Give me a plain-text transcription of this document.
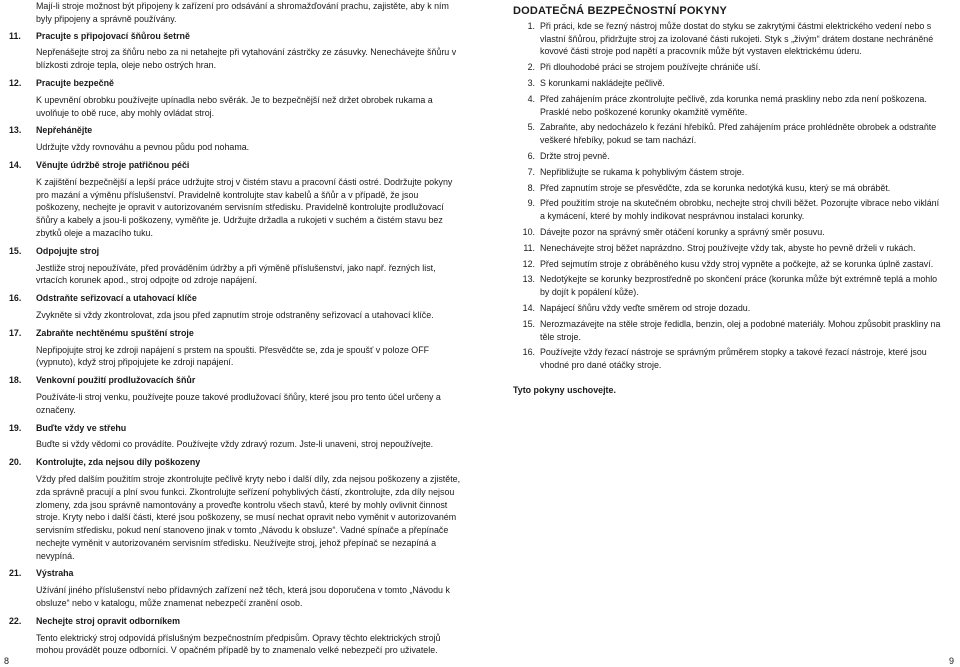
Mají-li stroje možnost být připojeny k zařízení pro odsávání a shromažďování prachu, zajistěte, aby k ním byly připojeny a správně používány.

11.	Pracujte s připojovací šňůrou šetrně

Nepřenášejte stroj za šňůru nebo za ni netahejte při vytahování zástrčky ze zásuvky. Nenechávejte šňůru v blízkosti zdroje tepla, oleje nebo ostrých hran.

12.	Pracujte bezpečně

K upevnění obrobku používejte upínadla nebo svěrák. Je to bezpečnější než držet obrobek rukama a uvolňuje to obě ruce, aby mohly ovládat stroj.

13.	Nepřehánějte

Udržujte vždy rovnováhu a pevnou půdu pod nohama.

14.	Věnujte údržbě stroje patřičnou péči

K zajištění bezpečnější a lepší práce udržujte stroj v čistém stavu a pracovní části ostré. Dodržujte pokyny pro mazání a výměnu příslušenství. Pravidelně kontrolujte stav kabelů a šňůr a v případě, že jsou poškozeny, nechejte je opravit v autorizovaném servisním středisku. Pravidelně kontrolujte prodlužovací šňůry a kabely a jsou-li poškozeny, vyměňte je. Udržujte držadla a rukojeti v suchém a čistém stavu bez zbytků oleje a mazacího tuku.

15.	Odpojujte stroj

Jestliže stroj nepoužíváte, před prováděním údržby a při výměně příslušenství, jako např. řezných list, vrtacích korunek apod., stroj odpojte od zdroje napájení.

16.	Odstraňte seřizovací a utahovací klíče

Zvykněte si vždy zkontrolovat, zda jsou před zapnutím stroje odstraněny seřizovací a utahovací klíče.

17.	Zabraňte nechtěnému spuštění stroje

Nepřipojujte stroj ke zdroji napájení s prstem na spoušti. Přesvědčte se, zda je spoušť v poloze OFF (vypnuto), když stroj připojujete ke zdroji napájení.

18.	Venkovní použití prodlužovacích šňůr

Používáte-li stroj venku, používejte pouze takové prodlužovací šňůry, které jsou pro tento účel určeny a označeny.

19.	Buďte vždy ve střehu

Buďte si vždy vědomi co provádíte. Používejte vždy zdravý rozum. Jste-li unaveni, stroj nepoužívejte.

20.	Kontrolujte, zda nejsou díly poškozeny

Vždy před dalším použitím stroje zkontrolujte pečlivě kryty nebo i další díly, zda nejsou poškozeny a zjistěte, zda správně pracují a plní svou funkci. Zkontrolujte seřízení pohyblivých částí, zkontrolujte, zda díly nejsou zlomeny, zda jsou správně namontovány a proveďte kontrolu všech stavů, které by mohly ovlivnit činnost stroje. Kryty nebo i další části, které jsou poškozeny, se musí nechat opravit nebo vyměnit v autorizovaném servisním středisku, pokud není stanoveno jinak v tomto „Návodu k obsluze“. Vadné spínače a přepínače nechejte vyměnit v autorizovaném servisním středisku. Neužívejte stroj, jehož přepínač se nezapíná a nevypíná.

21.	Výstraha

Užívání jiného příslušenství nebo přídavných zařízení než těch, která jsou doporučena v tomto „Návodu k obsluze“ nebo v katalogu, může znamenat nebezpečí zranění osob.

22.	Nechejte stroj opravit odborníkem

Tento elektrický stroj odpovídá příslušným bezpečnostním předpisům. Opravy těchto elektrických strojů mohou provádět pouze odborníci. V opačném případě by to znamenalo velké nebezpečí pro uživatele.

DODATEČNÁ BEZPEČNOSTNÍ POKYNY
1. Při práci, kde se řezný nástroj může dostat do styku se zakrytými částmi elektrického vedení nebo s vlastní šňůrou, přidržujte stroj za izolované části rukojeti. Styk s „živým“ drátem dostane nechráněné kovové části stroje pod napětí a pracovník může být vystaven elektrickému úderu.
2. Při dlouhodobé práci se strojem používejte chrániče uší.
3. S korunkami nakládejte pečlivě.
4. Před zahájením práce zkontrolujte pečlivě, zda korunka nemá praskliny nebo zda není poškozena. Prasklé nebo poškozené korunky okamžitě vyměňte.
5. Zabraňte, aby nedocházelo k řezání hřebíků. Před zahájením práce prohlédněte obrobek a odstraňte veškeré hřebíky, pokud se tam nachází.
6. Držte stroj pevně.
7. Nepřibližujte se rukama k pohyblivým částem stroje.
8. Před zapnutím stroje se přesvědčte, zda se korunka nedotýká kusu, který se má obrábět.
9. Před použitím stroje na skutečném obrobku, nechejte stroj chvíli běžet. Pozorujte vibrace nebo viklání a kymácení, které by mohly indikovat nesprávnou instalaci korunky.
10. Dávejte pozor na správný směr otáčení korunky a správný směr posuvu.
11. Nenechávejte stroj běžet naprázdno. Stroj používejte vždy tak, abyste ho pevně drželi v rukách.
12. Před sejmutím stroje z obráběného kusu vždy stroj vypněte a počkejte, až se korunka úplně zastaví.
13. Nedotýkejte se korunky bezprostředně po skončení práce (korunka může být extrémně teplá a mohlo by dojít k popálení kůže).
14. Napájecí šňůru vždy veďte směrem od stroje dozadu.
15. Nerozmazávejte na stěle stroje ředidla, benzin, olej a podobné materiály. Mohou způsobit praskliny na těle stroje.
16. Používejte vždy řezací nástroje se správným průměrem stopky a takové řezací nástroje, které jsou vhodné pro dané otáčky stroje.
Tyto pokyny uschovejte.
8	9
